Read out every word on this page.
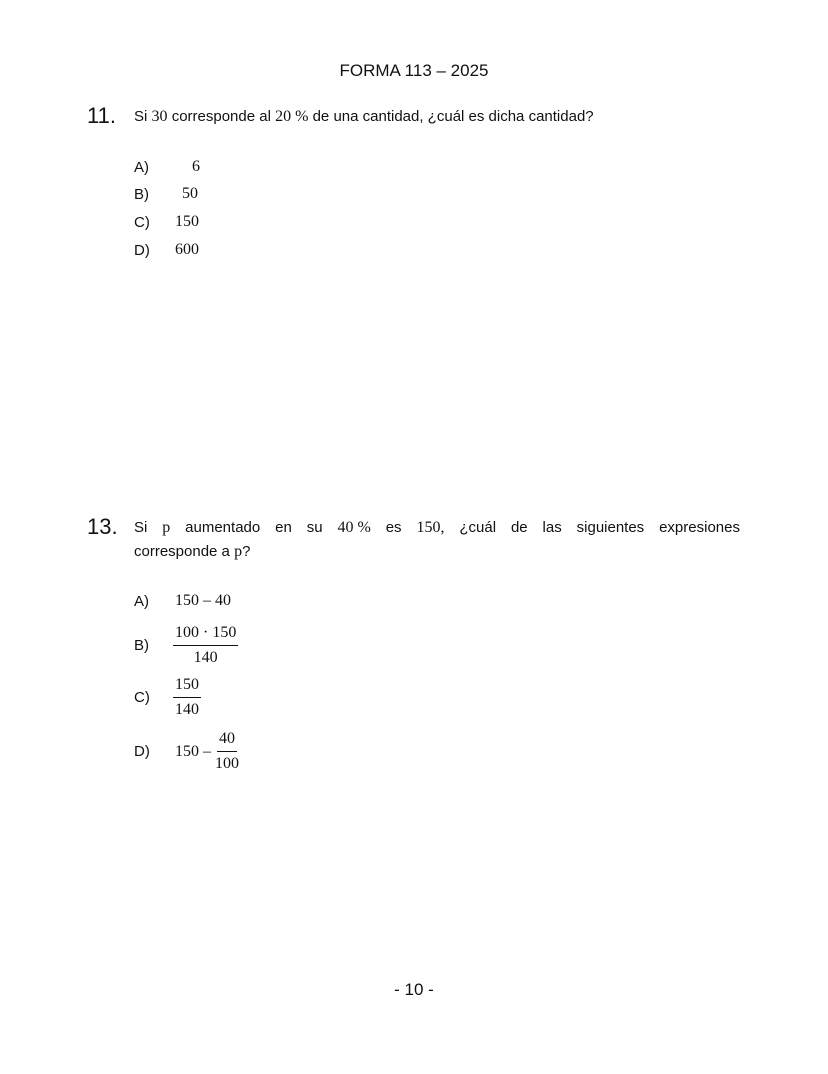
FORMA 113 – 2025
11. Si 30 corresponde al 20 % de una cantidad, ¿cuál es dicha cantidad?
A)	6
B)	50
C) 150
D) 600
13. Si p aumentado en su 40 % es 150, ¿cuál de las siguientes expresiones
corresponde a p?
A) 150 – 40
$B) \frac{100 \cdot 150}{140}$
$C) \frac{150}{140}$
D) $150 - \frac{40}{100}$
- 10 -
